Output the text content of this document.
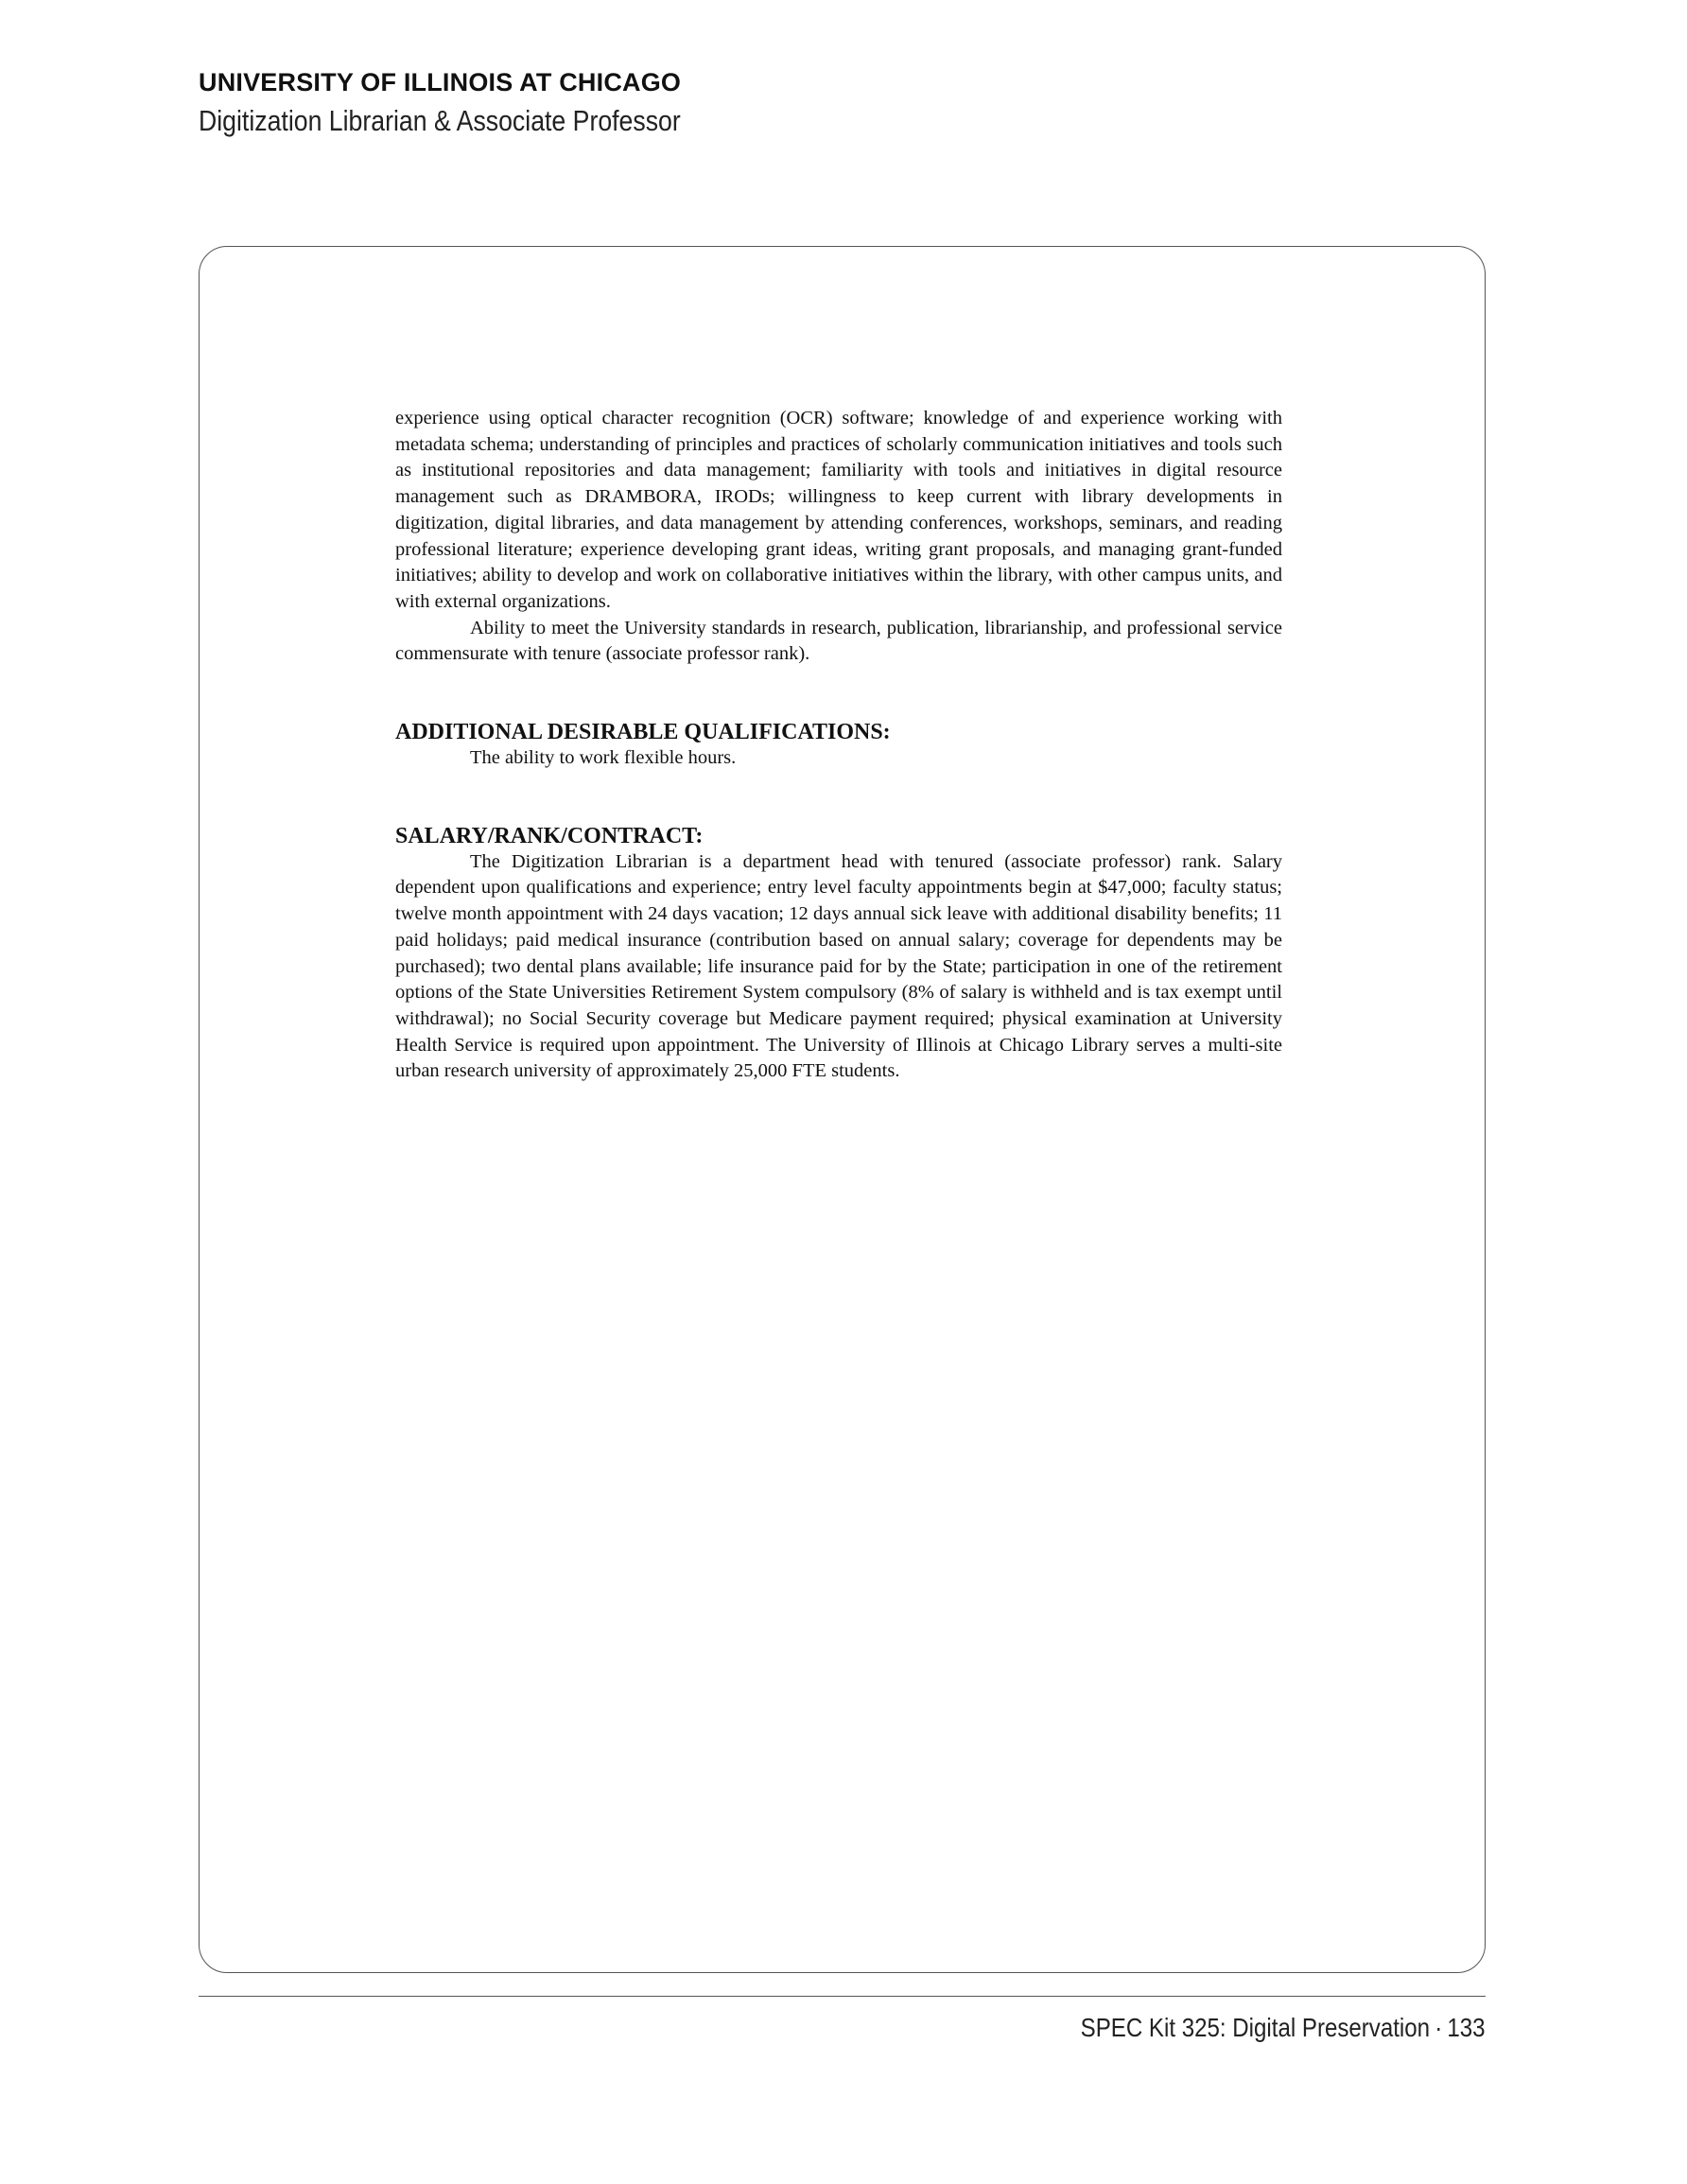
UNIVERSITY OF ILLINOIS AT CHICAGO
Digitization Librarian & Associate Professor

experience using optical character recognition (OCR) software; knowledge of and experience working with metadata schema; understanding of principles and practices of scholarly communication initiatives and tools such as institutional repositories and data management; familiarity with tools and initiatives in digital resource management such as DRAMBORA, IRODs; willingness to keep current with library developments in digitization, digital libraries, and data management by attending conferences, workshops, seminars, and reading professional literature; experience developing grant ideas, writing grant proposals, and managing grant-funded initiatives; ability to develop and work on collaborative initiatives within the library, with other campus units, and with external organizations.

Ability to meet the University standards in research, publication, librarianship, and professional service commensurate with tenure (associate professor rank).

ADDITIONAL DESIRABLE QUALIFICATIONS:

The ability to work flexible hours.

SALARY/RANK/CONTRACT:

The Digitization Librarian is a department head with tenured (associate professor) rank. Salary dependent upon qualifications and experience; entry level faculty appointments begin at $47,000; faculty status; twelve month appointment with 24 days vacation; 12 days annual sick leave with additional disability benefits; 11 paid holidays; paid medical insurance (contribution based on annual salary; coverage for dependents may be purchased); two dental plans available; life insurance paid for by the State; participation in one of the retirement options of the State Universities Retirement System compulsory (8% of salary is withheld and is tax exempt until withdrawal); no Social Security coverage but Medicare payment required; physical examination at University Health Service is required upon appointment. The University of Illinois at Chicago Library serves a multi-site urban research university of approximately 25,000 FTE students.

SPEC Kit 325: Digital Preservation · 133
